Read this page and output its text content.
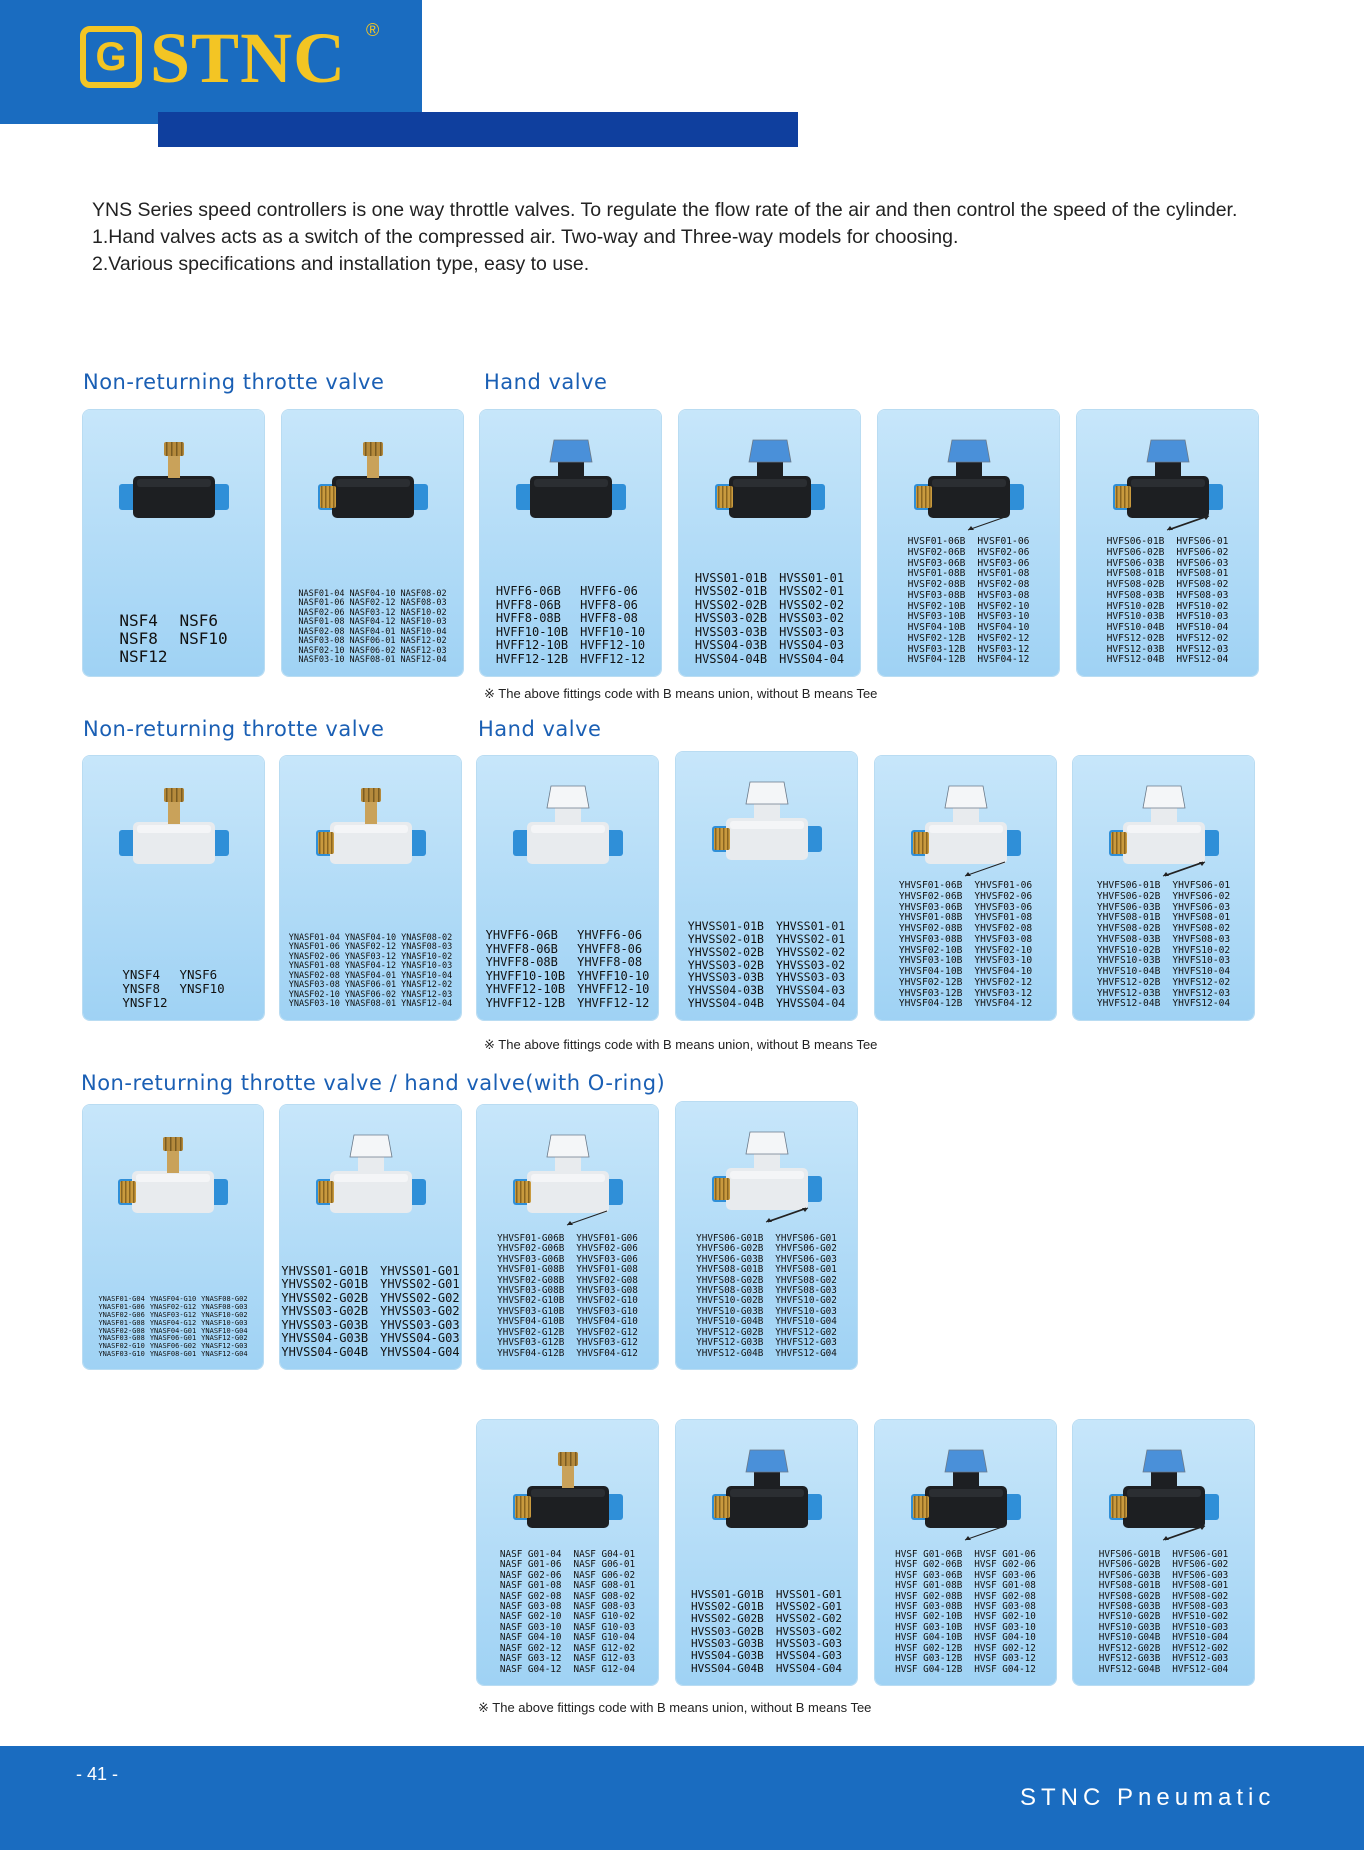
G STNC ®

YNS Series speed controllers is one way throttle valves. To regulate the flow rate of the air and then control the speed of the cylinder.

1.Hand valves acts as a switch of the compressed air. Two-way and Three-way models for choosing.

2.Various specifications and installation type, easy to use.

Non-returning throtte valve	Hand valve
Non-returning throtte valve	Hand valve
Non-returning throtte valve / hand valve(with O-ring)
※ The above fittings code with B means union, without B means Tee
※ The above fittings code with B means union, without B means Tee
※ The above fittings code with B means union, without B means Tee
NSF4	NSF6
NSF8	NSF10
NSF12
NASF01-04 NASF04-10 NASF08-02
NASF01-06 NASF02-12 NASF08-03
NASF02-06 NASF03-12 NASF10-02
NASF01-08 NASF04-12 NASF10-03
NASF02-08 NASF04-01 NASF10-04
NASF03-08 NASF06-01 NASF12-02
NASF02-10 NASF06-02 NASF12-03
NASF03-10 NASF08-01 NASF12-04
HVFF6-06B	HVFF6-06
HVFF8-06B	HVFF8-06
HVFF8-08B	HVFF8-08
HVFF10-10B HVFF10-10
HVFF12-10B HVFF12-10
HVFF12-12B HVFF12-12
HVSS01-01B HVSS01-01
HVSS02-01B HVSS02-01
HVSS02-02B HVSS02-02
HVSS03-02B HVSS03-02
HVSS03-03B HVSS03-03
HVSS04-03B HVSS04-03
HVSS04-04B HVSS04-04
HVSF01-06B HVSF01-06
HVSF02-06B HVSF02-06
HVSF03-06B HVSF03-06
HVSF01-08B HVSF01-08
HVSF02-08B HVSF02-08
HVSF03-08B HVSF03-08
HVSF02-10B HVSF02-10
HVSF03-10B HVSF03-10
HVSF04-10B HVSF04-10
HVSF02-12B HVSF02-12
HVSF03-12B HVSF03-12
HVSF04-12B HVSF04-12
HVFS06-01B HVFS06-01
HVFS06-02B HVFS06-02
HVFS06-03B HVFS06-03
HVFS08-01B HVFS08-01
HVFS08-02B HVFS08-02
HVFS08-03B HVFS08-03
HVFS10-02B HVFS10-02
HVFS10-03B HVFS10-03
HVFS10-04B HVFS10-04
HVFS12-02B HVFS12-02
HVFS12-03B HVFS12-03
HVFS12-04B HVFS12-04
YNSF4	YNSF6
YNSF8	YNSF10
YNSF12
YNASF01-04 YNASF04-10 YNASF08-02
YNASF01-06 YNASF02-12 YNASF08-03
YNASF02-06 YNASF03-12 YNASF10-02
YNASF01-08 YNASF04-12 YNASF10-03
YNASF02-08 YNASF04-01 YNASF10-04
YNASF03-08 YNASF06-01 YNASF12-02
YNASF02-10 YNASF06-02 YNASF12-03
YNASF03-10 YNASF08-01 YNASF12-04
YHVFF6-06B	YHVFF6-06
YHVFF8-06B	YHVFF8-06
YHVFF8-08B	YHVFF8-08
YHVFF10-10B YHVFF10-10
YHVFF12-10B YHVFF12-10
YHVFF12-12B YHVFF12-12
YHVSS01-01B YHVSS01-01
YHVSS02-01B YHVSS02-01
YHVSS02-02B YHVSS02-02
YHVSS03-02B YHVSS03-02
YHVSS03-03B YHVSS03-03
YHVSS04-03B YHVSS04-03
YHVSS04-04B YHVSS04-04
YHVSF01-06B YHVSF01-06
YHVSF02-06B YHVSF02-06
YHVSF03-06B YHVSF03-06
YHVSF01-08B YHVSF01-08
YHVSF02-08B YHVSF02-08
YHVSF03-08B YHVSF03-08
YHVSF02-10B YHVSF02-10
YHVSF03-10B YHVSF03-10
YHVSF04-10B YHVSF04-10
YHVSF02-12B YHVSF02-12
YHVSF03-12B YHVSF03-12
YHVSF04-12B YHVSF04-12
YHVFS06-01B YHVFS06-01
YHVFS06-02B YHVFS06-02
YHVFS06-03B YHVFS06-03
YHVFS08-01B YHVFS08-01
YHVFS08-02B YHVFS08-02
YHVFS08-03B YHVFS08-03
YHVFS10-02B YHVFS10-02
YHVFS10-03B YHVFS10-03
YHVFS10-04B YHVFS10-04
YHVFS12-02B YHVFS12-02
YHVFS12-03B YHVFS12-03
YHVFS12-04B YHVFS12-04
YNASF01-G04 YNASF04-G10 YNASF08-G02
YNASF01-G06 YNASF02-G12 YNASF08-G03
YNASF02-G06 YNASF03-G12 YNASF10-G02
YNASF01-G08 YNASF04-G12 YNASF10-G03
YNASF02-G08 YNASF04-G01 YNASF10-G04
YNASF03-G08 YNASF06-G01 YNASF12-G02
YNASF02-G10 YNASF06-G02 YNASF12-G03
YNASF03-G10 YNASF08-G01 YNASF12-G04
YHVSS01-G01B YHVSS01-G01
YHVSS02-G01B YHVSS02-G01
YHVSS02-G02B YHVSS02-G02
YHVSS03-G02B YHVSS03-G02
YHVSS03-G03B YHVSS03-G03
YHVSS04-G03B YHVSS04-G03
YHVSS04-G04B YHVSS04-G04
YHVSF01-G06B YHVSF01-G06
YHVSF02-G06B YHVSF02-G06
YHVSF03-G06B YHVSF03-G06
YHVSF01-G08B YHVSF01-G08
YHVSF02-G08B YHVSF02-G08
YHVSF03-G08B YHVSF03-G08
YHVSF02-G10B YHVSF02-G10
YHVSF03-G10B YHVSF03-G10
YHVSF04-G10B YHVSF04-G10
YHVSF02-G12B YHVSF02-G12
YHVSF03-G12B YHVSF03-G12
YHVSF04-G12B YHVSF04-G12
YHVFS06-G01B YHVFS06-G01
YHVFS06-G02B YHVFS06-G02
YHVFS06-G03B YHVFS06-G03
YHVFS08-G01B YHVFS08-G01
YHVFS08-G02B YHVFS08-G02
YHVFS08-G03B YHVFS08-G03
YHVFS10-G02B YHVFS10-G02
YHVFS10-G03B YHVFS10-G03
YHVFS10-G04B YHVFS10-G04
YHVFS12-G02B YHVFS12-G02
YHVFS12-G03B YHVFS12-G03
YHVFS12-G04B YHVFS12-G04
NASF G01-04 NASF G04-01
NASF G01-06 NASF G06-01
NASF G02-06 NASF G06-02
NASF G01-08 NASF G08-01
NASF G02-08 NASF G08-02
NASF G03-08 NASF G08-03
NASF G02-10 NASF G10-02
NASF G03-10 NASF G10-03
NASF G04-10 NASF G10-04
NASF G02-12 NASF G12-02
NASF G03-12 NASF G12-03
NASF G04-12 NASF G12-04
HVSS01-G01B HVSS01-G01
HVSS02-G01B HVSS02-G01
HVSS02-G02B HVSS02-G02
HVSS03-G02B HVSS03-G02
HVSS03-G03B HVSS03-G03
HVSS04-G03B HVSS04-G03
HVSS04-G04B HVSS04-G04
HVSF G01-06B HVSF G01-06
HVSF G02-06B HVSF G02-06
HVSF G03-06B HVSF G03-06
HVSF G01-08B HVSF G01-08
HVSF G02-08B HVSF G02-08
HVSF G03-08B HVSF G03-08
HVSF G02-10B HVSF G02-10
HVSF G03-10B HVSF G03-10
HVSF G04-10B HVSF G04-10
HVSF G02-12B HVSF G02-12
HVSF G03-12B HVSF G03-12
HVSF G04-12B HVSF G04-12
HVFS06-G01B HVFS06-G01
HVFS06-G02B HVFS06-G02
HVFS06-G03B HVFS06-G03
HVFS08-G01B HVFS08-G01
HVFS08-G02B HVFS08-G02
HVFS08-G03B HVFS08-G03
HVFS10-G02B HVFS10-G02
HVFS10-G03B HVFS10-G03
HVFS10-G04B HVFS10-G04
HVFS12-G02B HVFS12-G02
HVFS12-G03B HVFS12-G03
HVFS12-G04B HVFS12-G04
- 41 -
STNC Pneumatic
